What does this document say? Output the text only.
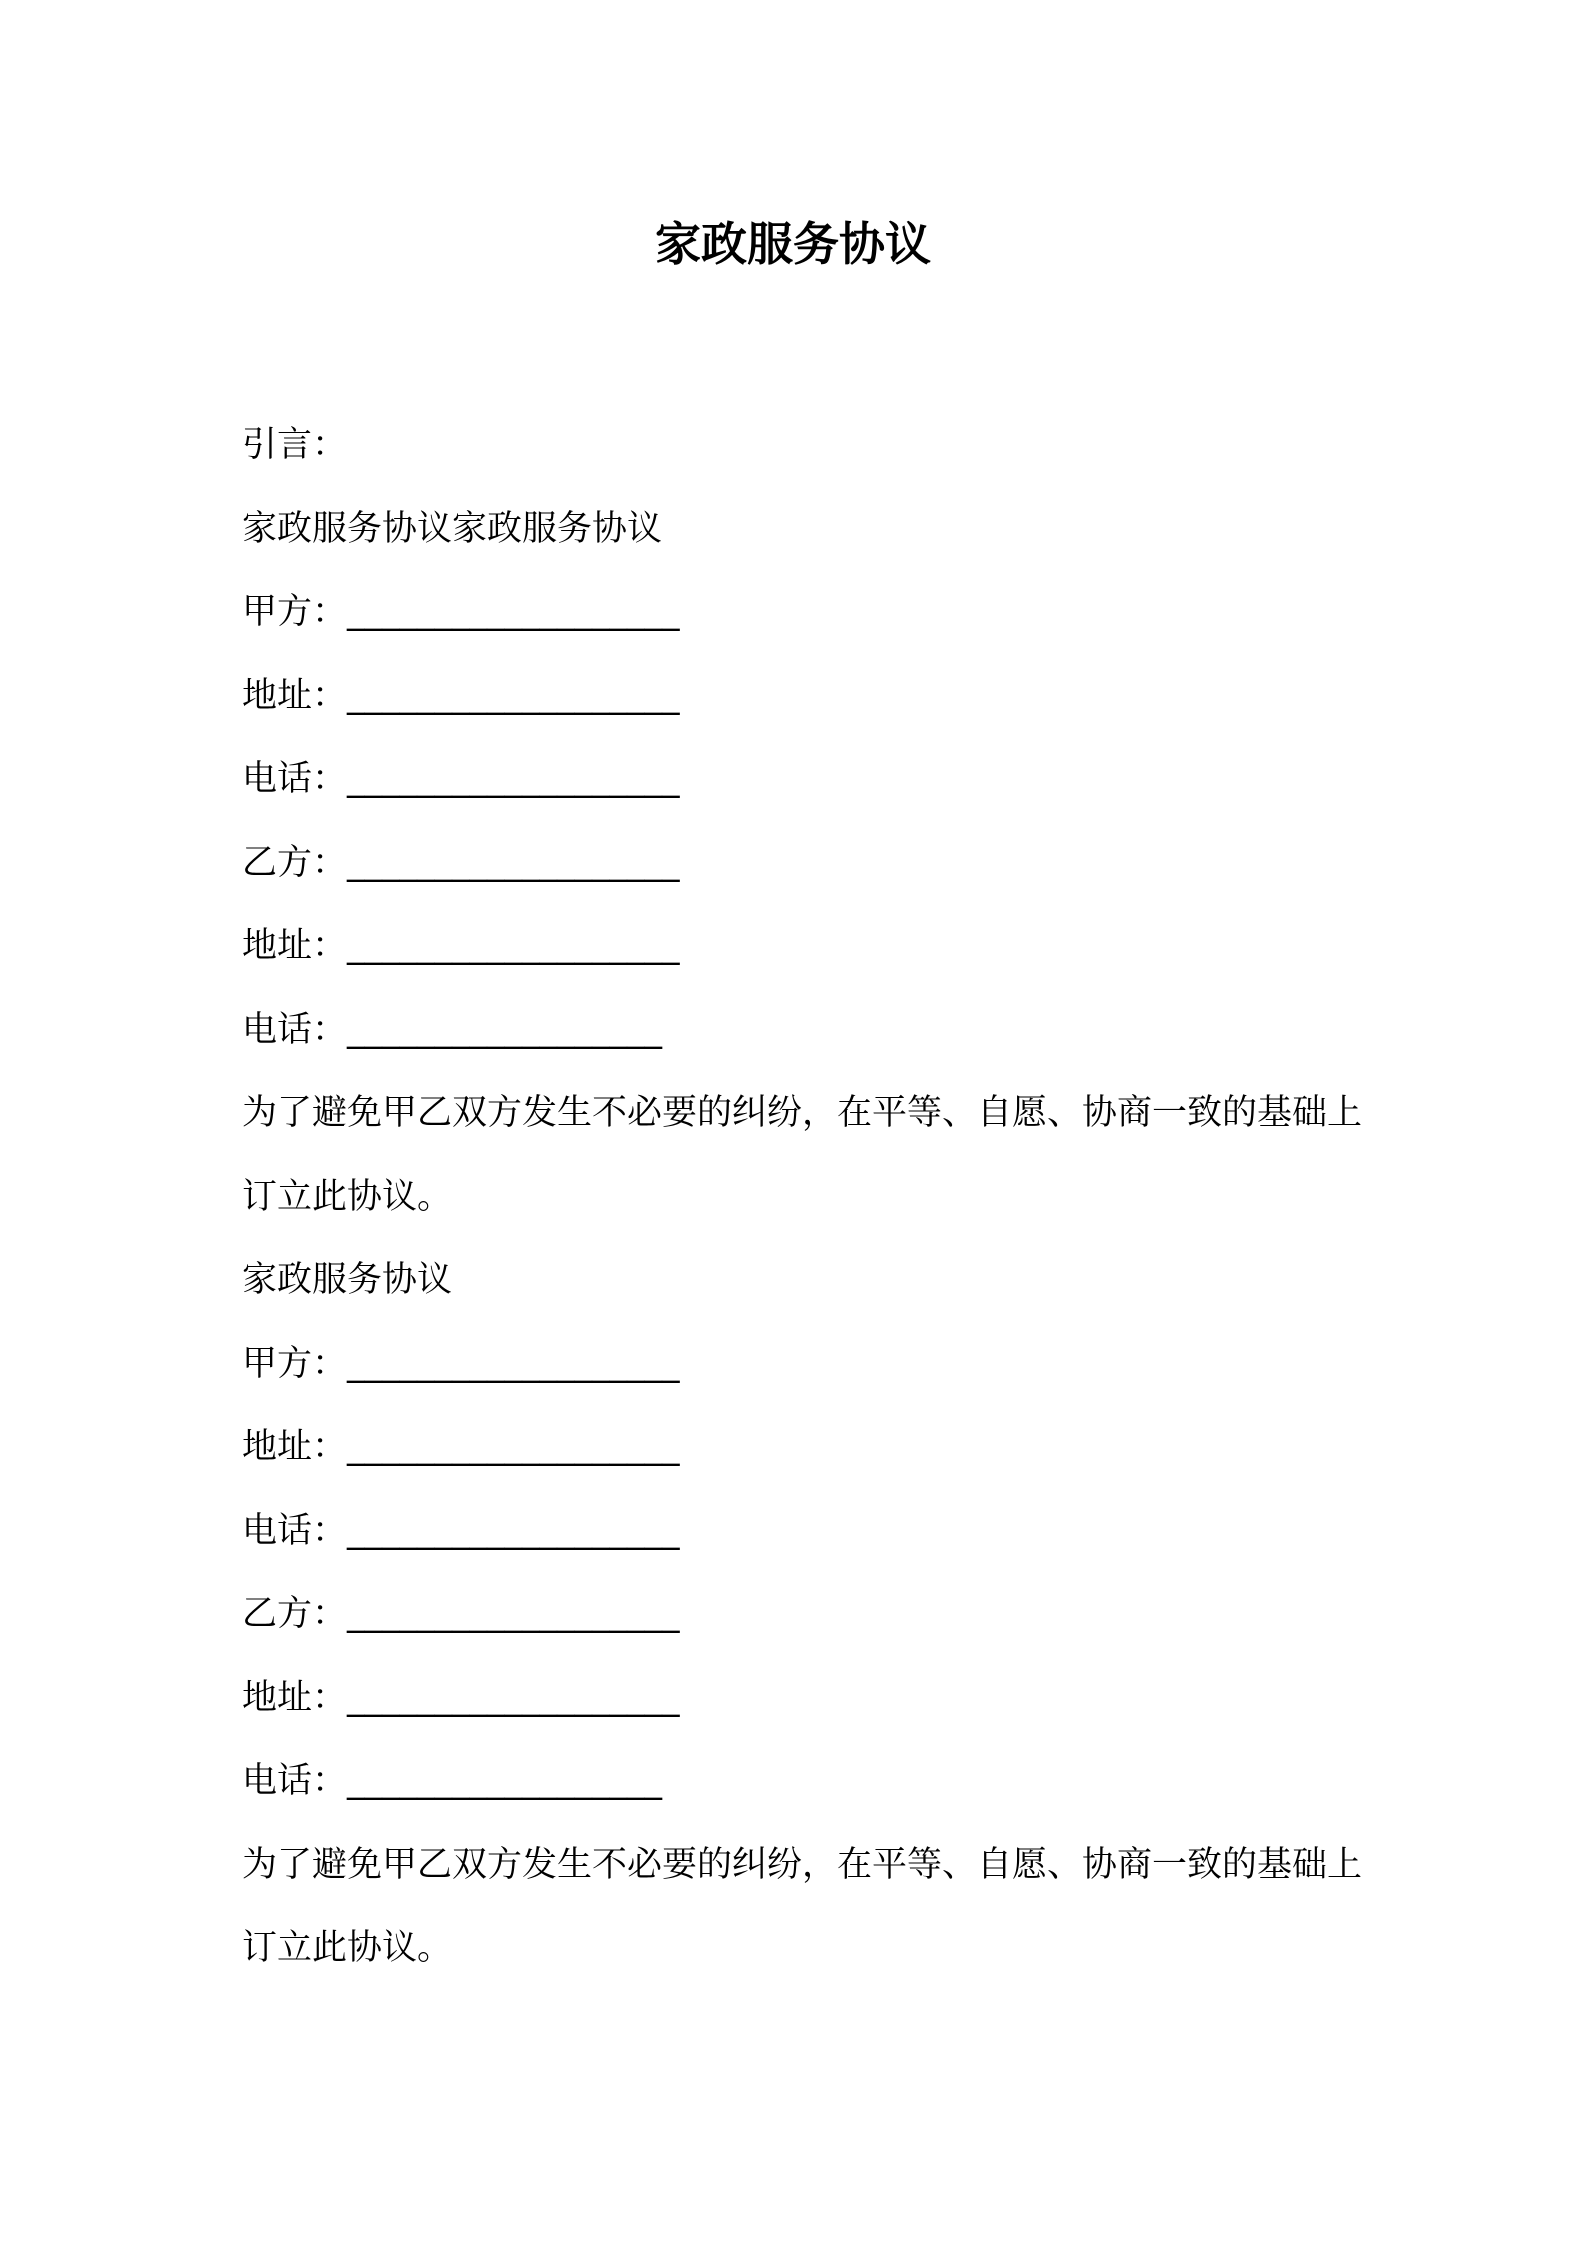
家政服务协议

引言：

家政服务协议家政服务协议

甲方：___________________

地址：___________________

电话：___________________

乙方：___________________

地址：___________________

电话：__________________

为了避免甲乙双方发生不必要的纠纷，在平等、自愿、协商一致的基础上订立此协议。

家政服务协议

甲方：___________________

地址：___________________

电话：___________________

乙方：___________________

地址：___________________

电话：__________________

为了避免甲乙双方发生不必要的纠纷，在平等、自愿、协商一致的基础上订立此协议。
